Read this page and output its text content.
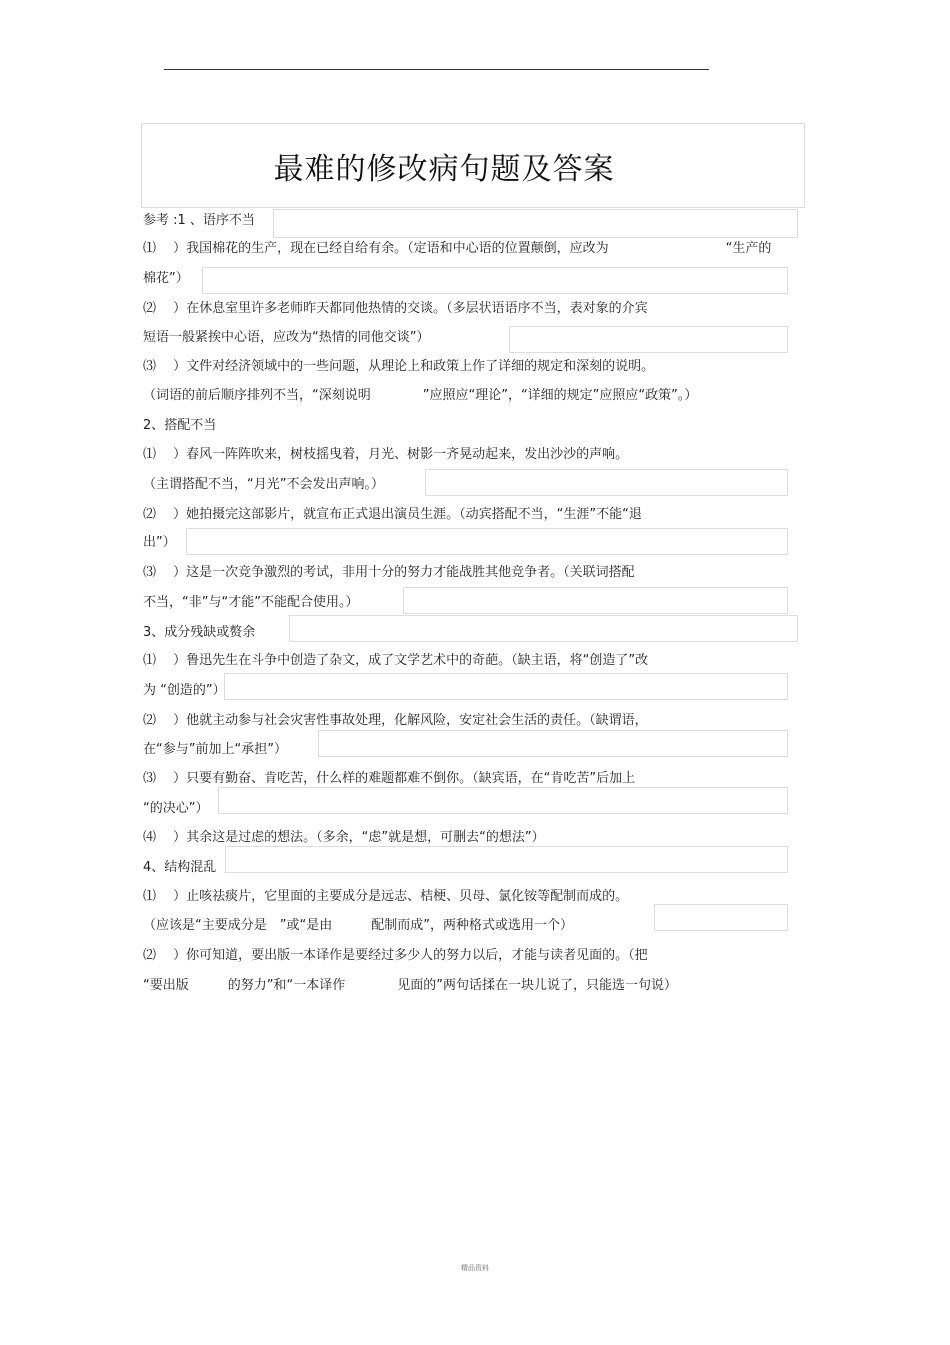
最难的修改病句题及答案
参考 :1 、语序不当
⑴　 ）我国棉花的生产，现在已经自给有余。（定语和中心语的位置颠倒，应改为　　　　　　　　　“生产的
棉花”）
⑵　 ）在休息室里许多老师昨天都同他热情的交谈。（多层状语语序不当，表对象的介宾
短语一般紧挨中心语，应改为“热情的同他交谈”）
⑶　 ）文件对经济领域中的一些问题，从理论上和政策上作了详细的规定和深刻的说明。
（词语的前后顺序排列不当，“深刻说明　　　　”应照应“理论”，“详细的规定”应照应“政策”。）
2、搭配不当
⑴　 ）春风一阵阵吹来，树枝摇曳着，月光、树影一齐晃动起来，发出沙沙的声响。
（主谓搭配不当，“月光”不会发出声响。）
⑵　 ）她拍摄完这部影片，就宣布正式退出演员生涯。（动宾搭配不当，“生涯”不能“退
出”）
⑶　 ）这是一次竞争激烈的考试，非用十分的努力才能战胜其他竞争者。（关联词搭配
不当，“非”与“才能”不能配合使用。）
3、成分残缺或赘余
⑴　 ）鲁迅先生在斗争中创造了杂文，成了文学艺术中的奇葩。（缺主语，将“创造了”改
为 “创造的”）
⑵　 ）他就主动参与社会灾害性事故处理，化解风险，安定社会生活的责任。（缺谓语，
在“参与”前加上“承担”）
⑶　 ）只要有勤奋、肯吃苦，什么样的难题都难不倒你。（缺宾语，在“肯吃苦”后加上
“的决心”）
⑷　 ）其余这是过虑的想法。（多余，“虑”就是想，可删去“的想法”）
4、结构混乱
⑴　 ）止咳祛痰片，它里面的主要成分是远志、桔梗、贝母、氯化铵等配制而成的。
（应该是“主要成分是　”或“是由　　　配制而成”，两种格式或选用一个）
⑵　 ）你可知道，要出版一本译作是要经过多少人的努力以后，才能与读者见面的。（把
“要出版　　　的努力”和“一本译作　　　　见面的”两句话揉在一块儿说了，只能选一句说）
精品资料
